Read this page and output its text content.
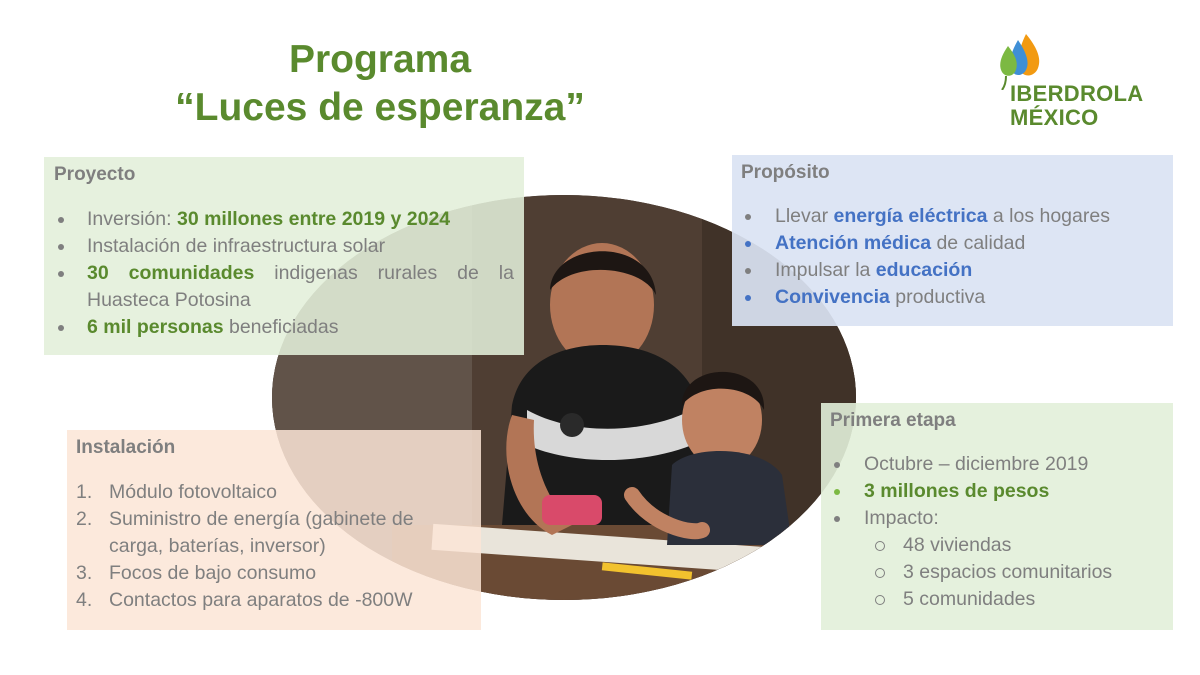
Programa
“Luces de esperanza”	IBERDROLA
MÉXICO
Proyecto
Inversión: 30 millones entre 2019 y 2024
Instalación de infraestructura solar
30 comunidades indigenas rurales de la Huasteca Potosina
6 mil personas beneficiadas
Propósito
Llevar energía eléctrica a los hogares
Atención médica de calidad
Impulsar la educación
Convivencia productiva
Instalación
1. Módulo fotovoltaico
2. Suministro de energía (gabinete de carga, baterías, inversor)
3. Focos de bajo consumo
4. Contactos para aparatos de -800W
Primera etapa
Octubre – diciembre 2019
3 millones de pesos
Impacto:
48 viviendas
3 espacios comunitarios
5 comunidades
